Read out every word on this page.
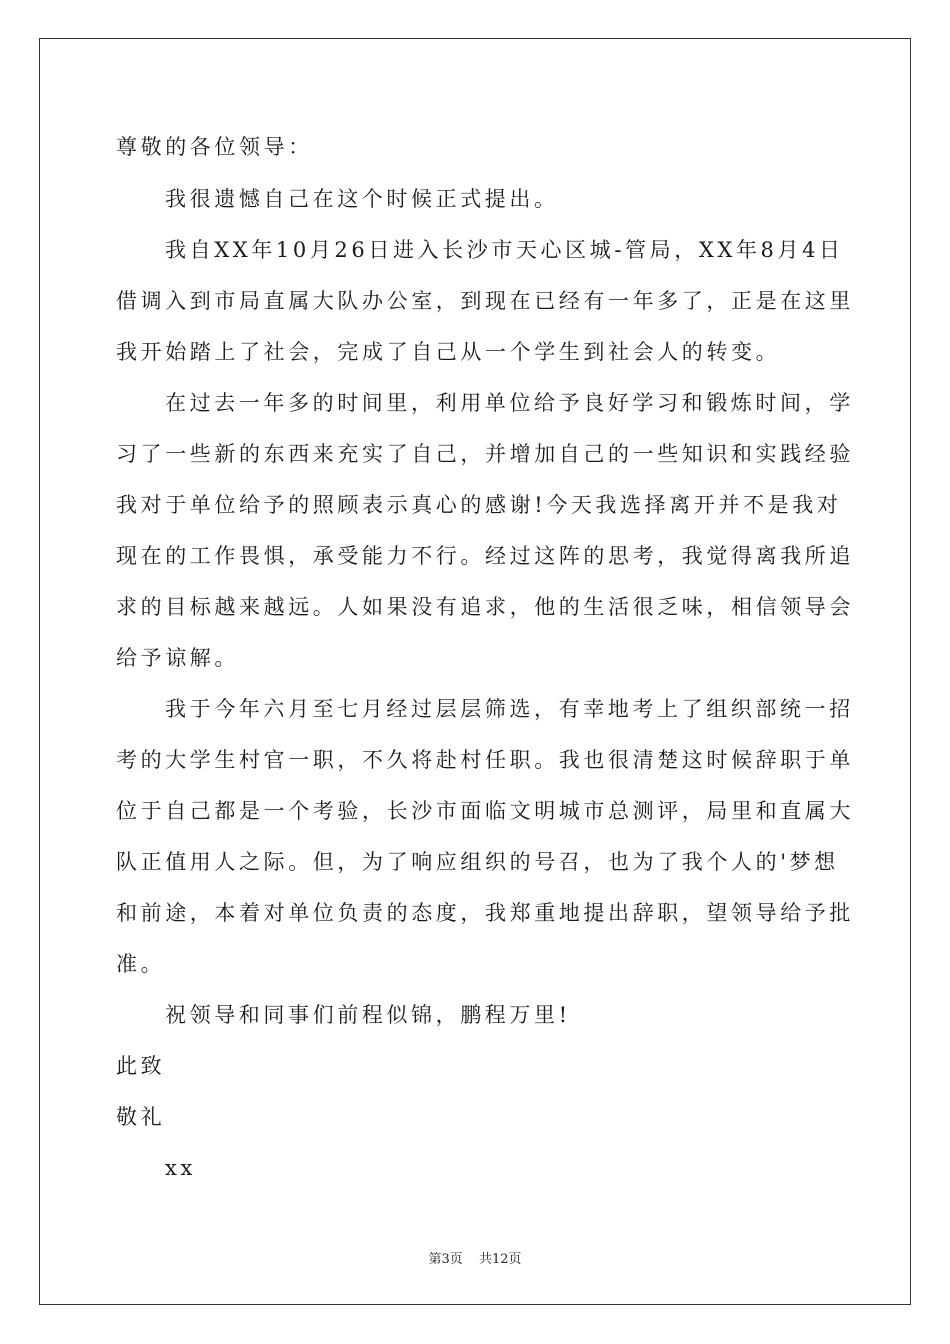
尊敬的各位领导：
我很遗憾自己在这个时候正式提出。
我自XX年10月26日进入长沙市天心区城-管局，XX年8月4日
借调入到市局直属大队办公室，到现在已经有一年多了，正是在这里
我开始踏上了社会，完成了自己从一个学生到社会人的转变。
在过去一年多的时间里，利用单位给予良好学习和锻炼时间，学
习了一些新的东西来充实了自己，并增加自己的一些知识和实践经验
我对于单位给予的照顾表示真心的感谢!今天我选择离开并不是我对
现在的工作畏惧，承受能力不行。经过这阵的思考，我觉得离我所追
求的目标越来越远。人如果没有追求，他的生活很乏味，相信领导会
给予谅解。
我于今年六月至七月经过层层筛选，有幸地考上了组织部统一招
考的大学生村官一职，不久将赴村任职。我也很清楚这时候辞职于单
位于自己都是一个考验，长沙市面临文明城市总测评，局里和直属大
队正值用人之际。但，为了响应组织的号召，也为了我个人的'梦想
和前途，本着对单位负责的态度，我郑重地提出辞职，望领导给予批
准。
祝领导和同事们前程似锦，鹏程万里!
此致
敬礼
xx
第3页 共12页
